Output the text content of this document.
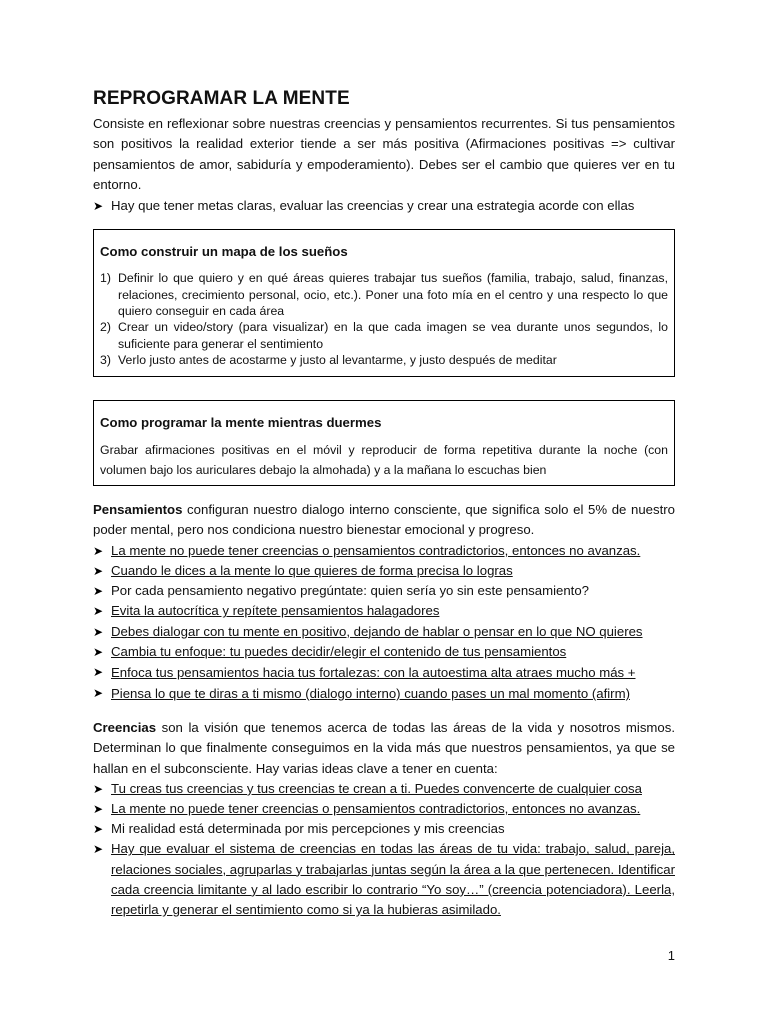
REPROGRAMAR LA MENTE

Consiste en reflexionar sobre nuestras creencias y pensamientos recurrentes. Si tus pensamientos son positivos la realidad exterior tiende a ser más positiva (Afirmaciones positivas => cultivar pensamientos de amor, sabiduría y empoderamiento). Debes ser el cambio que quieres ver en tu entorno.

➤ Hay que tener metas claras, evaluar las creencias y crear una estrategia acorde con ellas
Como construir un mapa de los sueños
1) Definir lo que quiero y en qué áreas quieres trabajar tus sueños (familia, trabajo, salud, finanzas, relaciones, crecimiento personal, ocio, etc.). Poner una foto mía en el centro y una respecto lo que quiero conseguir en cada área
2) Crear un video/story (para visualizar) en la que cada imagen se vea durante unos segundos, lo suficiente para generar el sentimiento
3) Verlo justo antes de acostarme y justo al levantarme, y justo después de meditar
Como programar la mente mientras duermes

Grabar afirmaciones positivas en el móvil y reproducir de forma repetitiva durante la noche (con volumen bajo los auriculares debajo la almohada) y a la mañana lo escuchas bien

Pensamientos configuran nuestro dialogo interno consciente, que significa solo el 5% de nuestro poder mental, pero nos condiciona nuestro bienestar emocional y progreso.

➤ La mente no puede tener creencias o pensamientos contradictorios, entonces no avanzas.
➤ Cuando le dices a la mente lo que quieres de forma precisa lo logras
➤ Por cada pensamiento negativo pregúntate: quien sería yo sin este pensamiento?
➤ Evita la autocrítica y repítete pensamientos halagadores
➤ Debes dialogar con tu mente en positivo, dejando de hablar o pensar en lo que NO quieres
➤ Cambia tu enfoque: tu puedes decidir/elegir el contenido de tus pensamientos
➤ Enfoca tus pensamientos hacia tus fortalezas: con la autoestima alta atraes mucho más +
➤ Piensa lo que te diras a ti mismo (dialogo interno) cuando pases un mal momento (afirm)

Creencias son la visión que tenemos acerca de todas las áreas de la vida y nosotros mismos. Determinan lo que finalmente conseguimos en la vida más que nuestros pensamientos, ya que se hallan en el subconsciente. Hay varias ideas clave a tener en cuenta:

➤ Tu creas tus creencias y tus creencias te crean a ti. Puedes convencerte de cualquier cosa
➤ La mente no puede tener creencias o pensamientos contradictorios, entonces no avanzas.
➤ Mi realidad está determinada por mis percepciones y mis creencias
➤ Hay que evaluar el sistema de creencias en todas las áreas de tu vida: trabajo, salud, pareja, relaciones sociales, agruparlas y trabajarlas juntas según la área a la que pertenecen. Identificar cada creencia limitante y al lado escribir lo contrario “Yo soy…” (creencia potenciadora). Leerla, repetirla y generar el sentimiento como si ya la hubieras asimilado.
1
